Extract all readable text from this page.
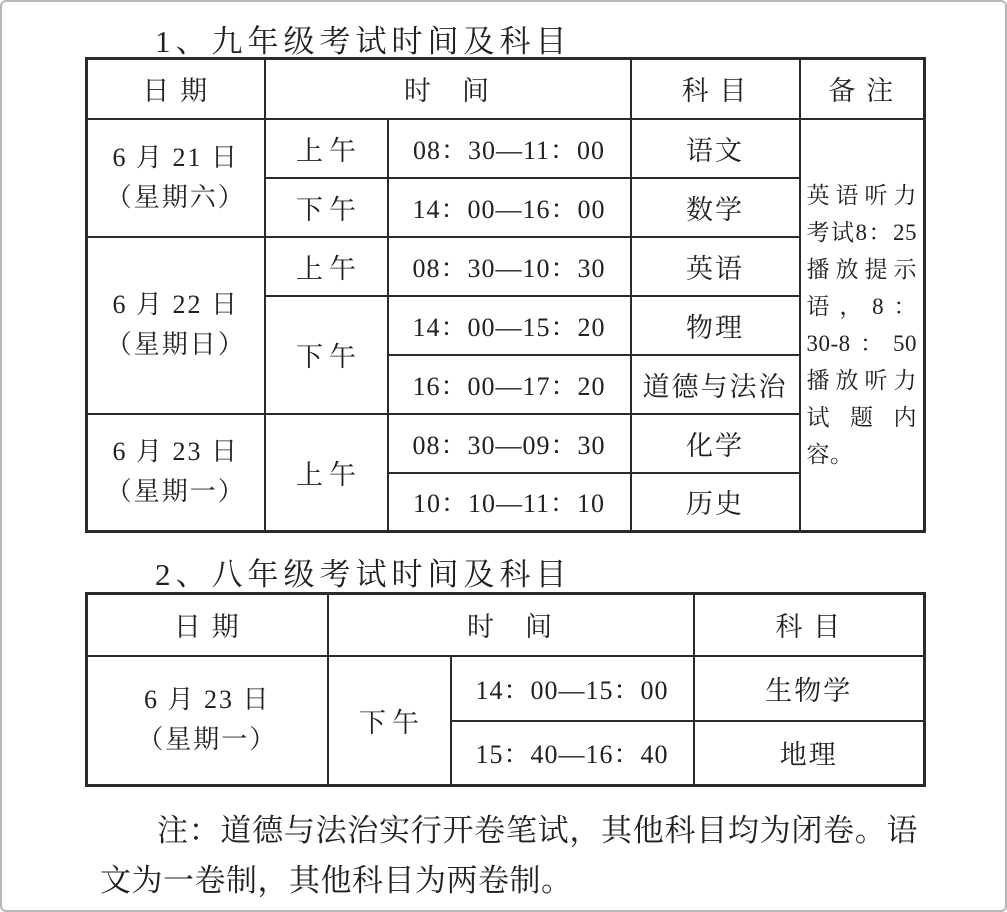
1、九年级考试时间及科目
日 期	时　间		科 目	备 注

6 月 21 日
（星期六）	上午	08：30—11：00	语文	英语听力考试8：25播放提示语，8：30-8：50播放听力试题内容。

	下午	14：00—16：00	数学	

6 月 22 日
（星期日）	上午	08：30—10：30	英语	
	下午	14：00—15：20	物理	
		16：00—17：20	道德与法治	

6 月 23 日
（星期一）	上午	08：30—09：30	化学	
		10：10—11：10	历史	
2、八年级考试时间及科目
日 期	时　间		科 目

6 月 23 日
（星期一）	下午	14：00—15：00	生物学
		15：40—16：40	地理
注：道德与法治实行开卷笔试，其他科目均为闭卷。语文为一卷制，其他科目为两卷制。
